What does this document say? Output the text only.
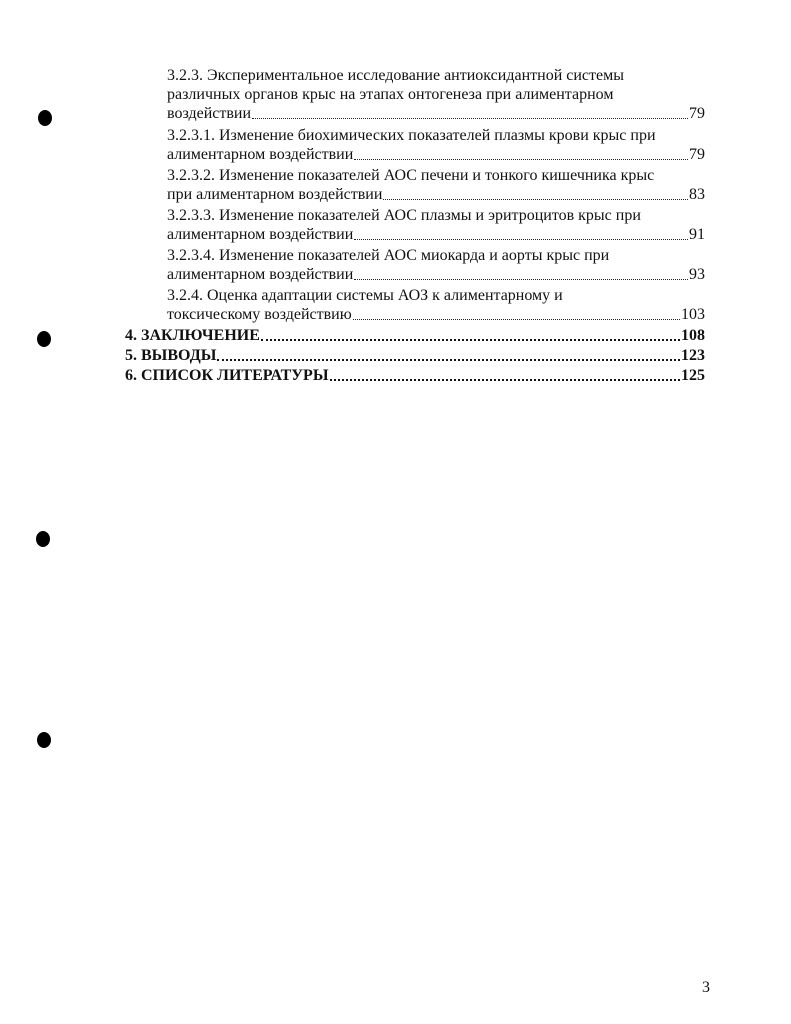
3.2.3. Экспериментальное исследование антиоксидантной системы
различных органов крыс на этапах онтогенеза при алиментарном
воздействии	79
3.2.3.1. Изменение биохимических показателей плазмы крови крыс при
алиментарном воздействии	79
3.2.3.2. Изменение показателей АОС печени и тонкого кишечника крыс
при алиментарном воздействии	83
3.2.3.3. Изменение показателей АОС плазмы и эритроцитов крыс при
алиментарном воздействии	91
3.2.3.4. Изменение показателей АОС миокарда и аорты крыс при
алиментарном воздействии	93
3.2.4. Оценка адаптации системы АОЗ к алиментарному и
токсическому воздействию	103
4. ЗАКЛЮЧЕНИЕ	108
5. ВЫВОДЫ	123
6. СПИСОК ЛИТЕРАТУРЫ	125
3
